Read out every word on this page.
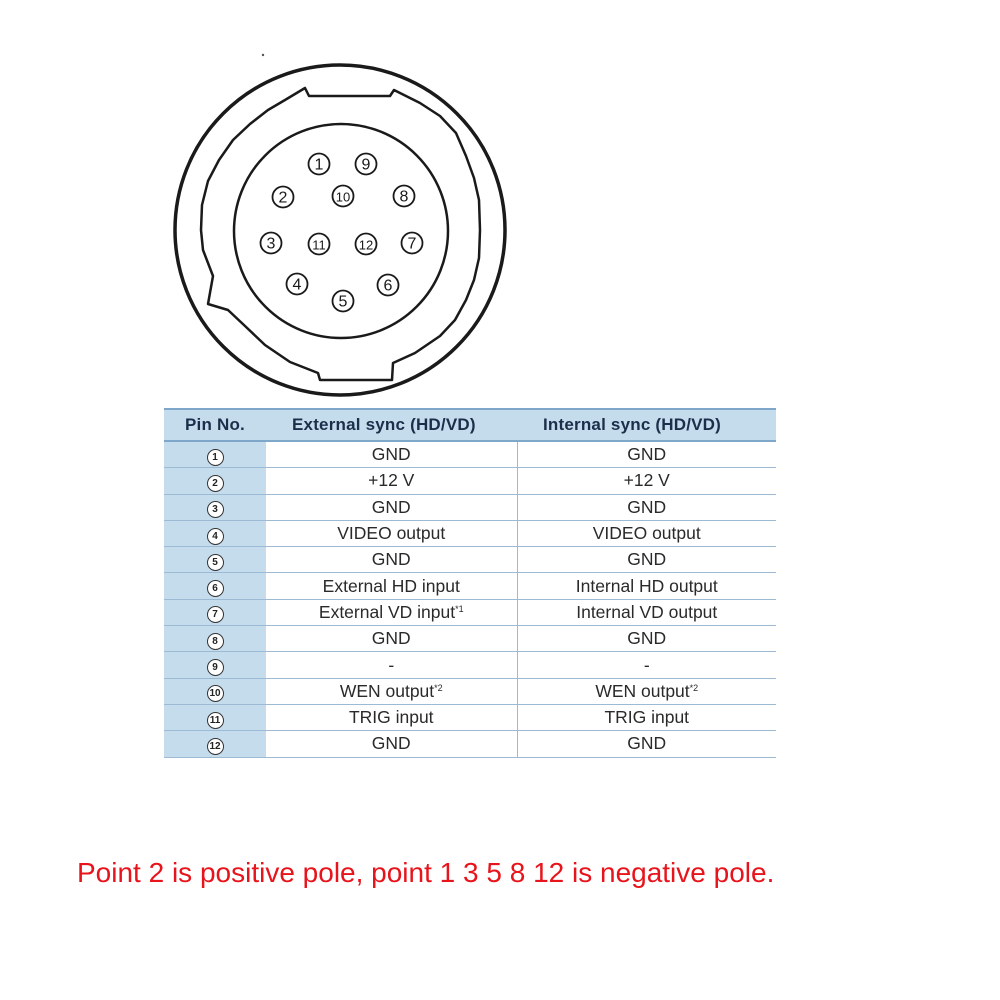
1
2
3
4
5
6
7
8
9
10
11	12
Pin No.	External sync (HD/VD)	Internal sync (HD/VD)
1	GND	GND
2	+12 V	+12 V
3	GND	GND
4	VIDEO output	VIDEO output
5	GND	GND
6	External HD input	Internal HD output
7	External VD input$^{*1}$	Internal VD output
8	GND	GND
9	-	-
10	WEN output$^{*2}$	WEN output$^{*2}$
11	TRIG input	TRIG input
12	GND	GND

Point 2 is positive pole, point 1 3 5 8 12 is negative pole.
